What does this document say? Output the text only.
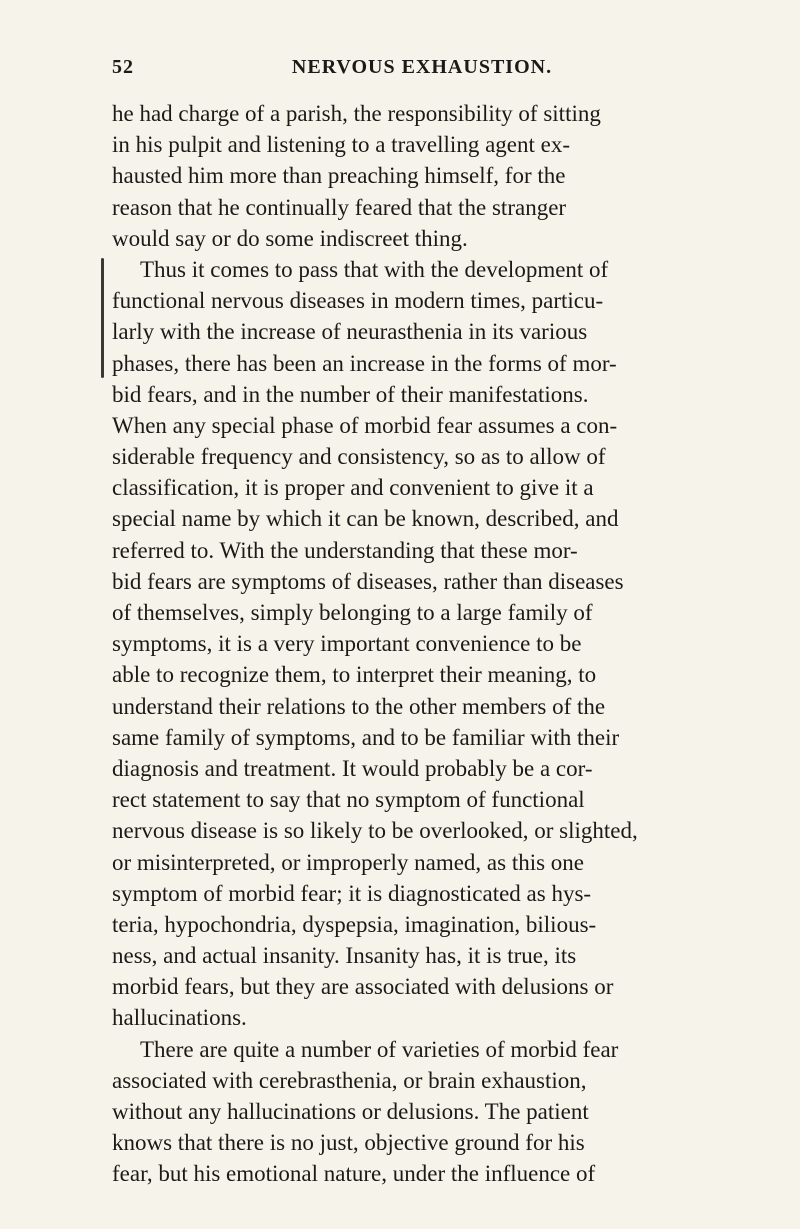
52	NERVOUS EXHAUSTION.
he had charge of a parish, the responsibility of sitting
in his pulpit and listening to a travelling agent ex-
hausted him more than preaching himself, for the
reason that he continually feared that the stranger
would say or do some indiscreet thing.
Thus it comes to pass that with the development of
functional nervous diseases in modern times, particu-
larly with the increase of neurasthenia in its various
phases, there has been an increase in the forms of mor-
bid fears, and in the number of their manifestations.
When any special phase of morbid fear assumes a con-
siderable frequency and consistency, so as to allow of
classification, it is proper and convenient to give it a
special name by which it can be known, described, and
referred to. With the understanding that these mor-
bid fears are symptoms of diseases, rather than diseases
of themselves, simply belonging to a large family of
symptoms, it is a very important convenience to be
able to recognize them, to interpret their meaning, to
understand their relations to the other members of the
same family of symptoms, and to be familiar with their
diagnosis and treatment. It would probably be a cor-
rect statement to say that no symptom of functional
nervous disease is so likely to be overlooked, or slighted,
or misinterpreted, or improperly named, as this one
symptom of morbid fear; it is diagnosticated as hys-
teria, hypochondria, dyspepsia, imagination, bilious-
ness, and actual insanity. Insanity has, it is true, its
morbid fears, but they are associated with delusions or
hallucinations.
There are quite a number of varieties of morbid fear
associated with cerebrasthenia, or brain exhaustion,
without any hallucinations or delusions. The patient
knows that there is no just, objective ground for his
fear, but his emotional nature, under the influence of
